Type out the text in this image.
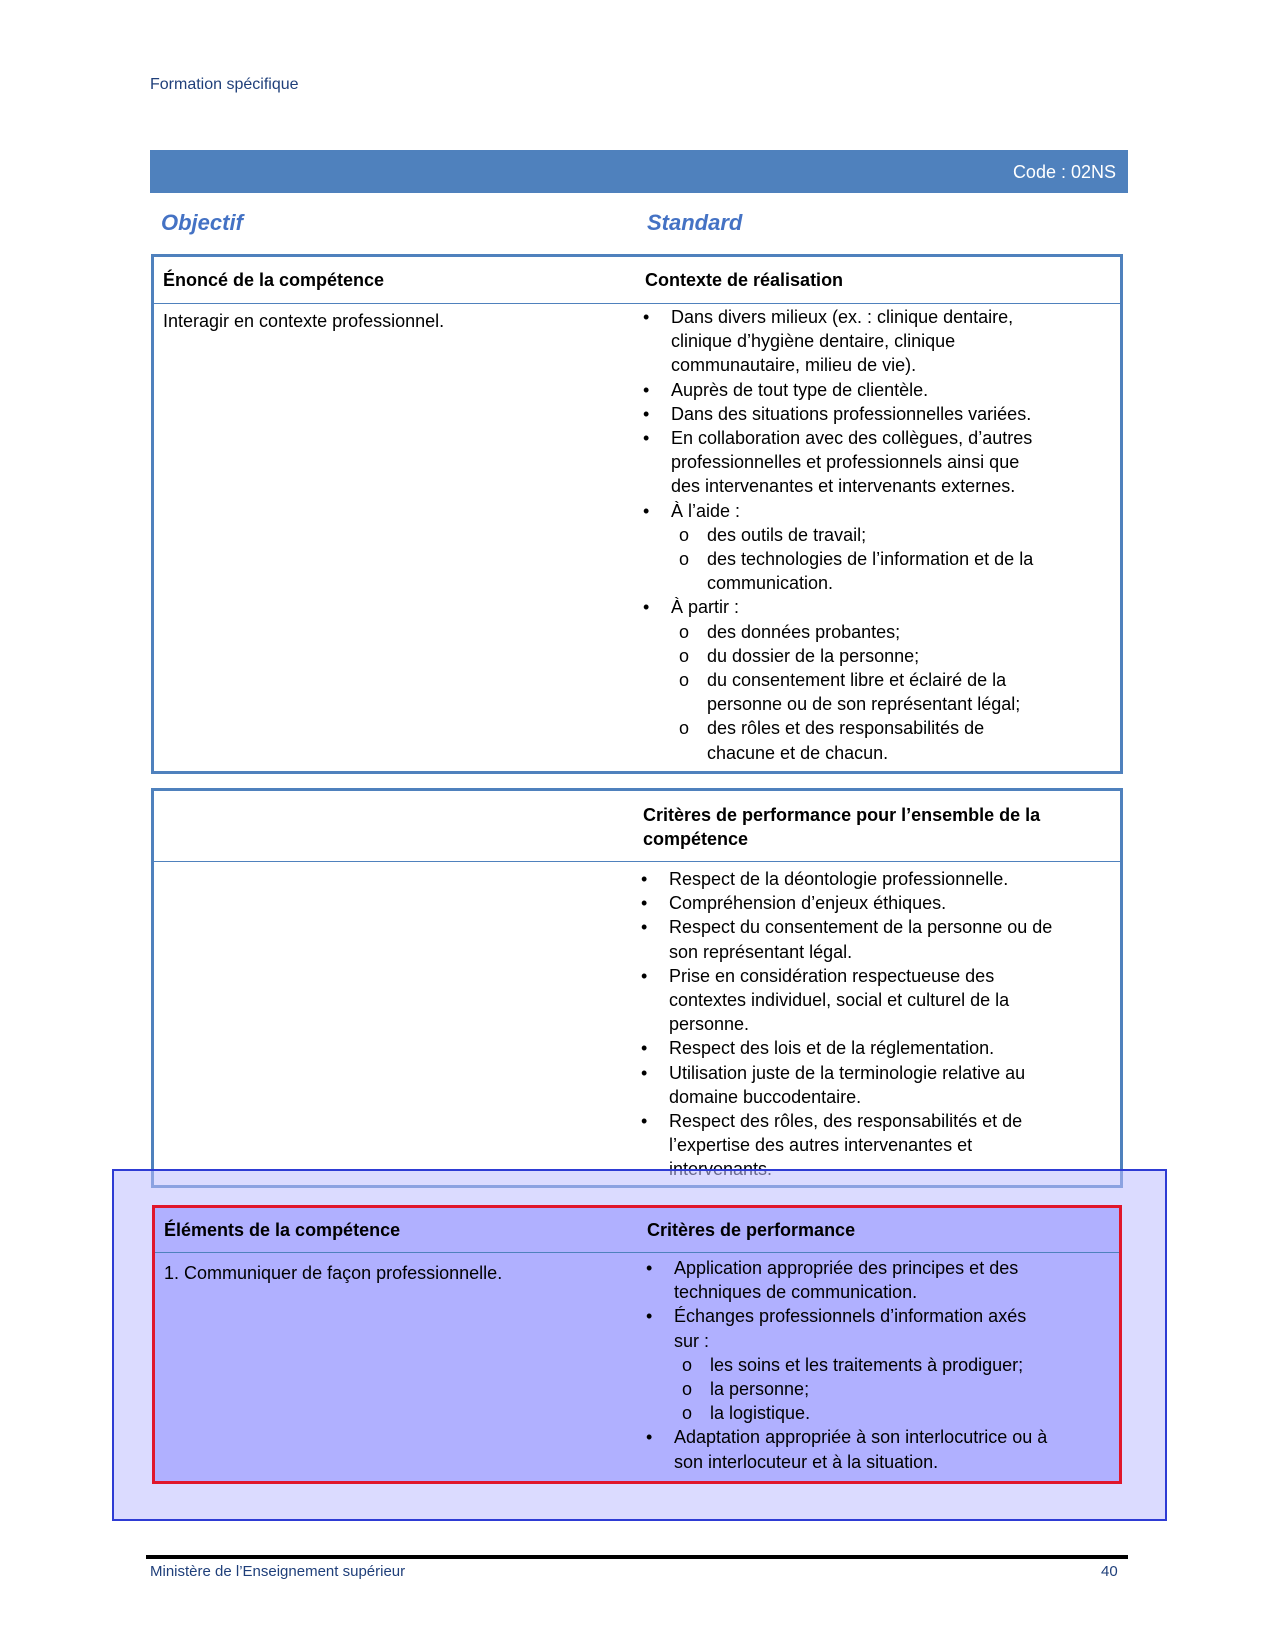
Formation spécifique
Code : 02NS
Objectif	Standard
Énoncé de la compétence	Contexte de réalisation
Interagir en contexte professionnel.	• Dans divers milieux (ex. : clinique dentaire,
clinique d’hygiène dentaire, clinique
communautaire, milieu de vie).
• Auprès de tout type de clientèle.
• Dans des situations professionnelles variées.
• En collaboration avec des collègues, d’autres
professionnelles et professionnels ainsi que
des intervenantes et intervenants externes.
• À l’aide :
o des outils de travail;
o des technologies de l’information et de la
communication.
• À partir :
o des données probantes;
o du dossier de la personne;
o du consentement libre et éclairé de la
personne ou de son représentant légal;
o des rôles et des responsabilités de
chacune et de chacun.
Critères de performance pour l’ensemble de la
compétence
• Respect de la déontologie professionnelle.
• Compréhension d’enjeux éthiques.
• Respect du consentement de la personne ou de
son représentant légal.
• Prise en considération respectueuse des
contextes individuel, social et culturel de la
personne.
• Respect des lois et de la réglementation.
• Utilisation juste de la terminologie relative au
domaine buccodentaire.
• Respect des rôles, des responsabilités et de
l’expertise des autres intervenantes et
Éléments de la compétence	Critères de performance
1. Communiquer de façon professionnelle.	• Application appropriée des principes et des
techniques de communication.
• Échanges professionnels d’information axés
sur :
o les soins et les traitements à prodiguer;
o la personne;
o la logistique.
• Adaptation appropriée à son interlocutrice ou à
son interlocuteur et à la situation.
Ministère de l’Enseignement supérieur	40
